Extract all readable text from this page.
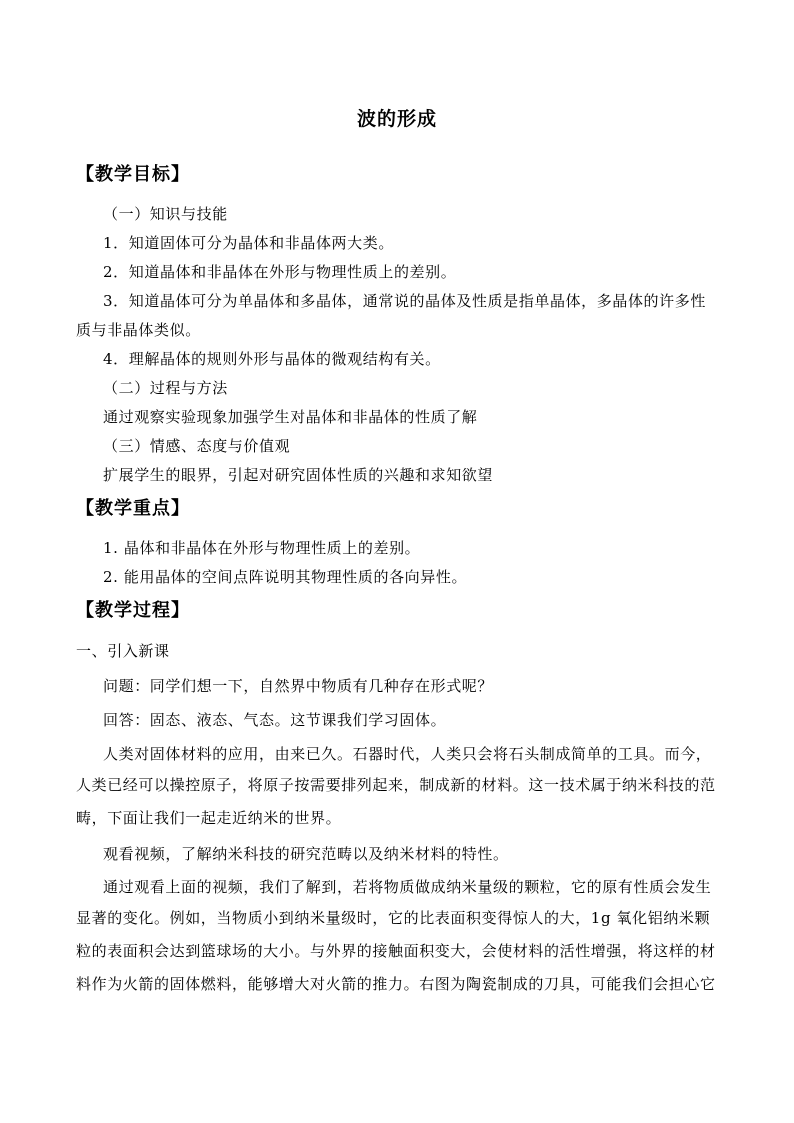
波的形成
【教学目标】
（一）知识与技能
1．知道固体可分为晶体和非晶体两大类。
2．知道晶体和非晶体在外形与物理性质上的差别。
3．知道晶体可分为单晶体和多晶体，通常说的晶体及性质是指单晶体，多晶体的许多性
质与非晶体类似。
4．理解晶体的规则外形与晶体的微观结构有关。
（二）过程与方法
通过观察实验现象加强学生对晶体和非晶体的性质了解
（三）情感、态度与价值观
扩展学生的眼界，引起对研究固体性质的兴趣和求知欲望
【教学重点】
1. 晶体和非晶体在外形与物理性质上的差别。
2. 能用晶体的空间点阵说明其物理性质的各向异性。
【教学过程】
一、引入新课
问题：同学们想一下，自然界中物质有几种存在形式呢？
回答：固态、液态、气态。这节课我们学习固体。
人类对固体材料的应用，由来已久。石器时代，人类只会将石头制成简单的工具。而今，
人类已经可以操控原子，将原子按需要排列起来，制成新的材料。这一技术属于纳米科技的范
畴，下面让我们一起走近纳米的世界。
观看视频，了解纳米科技的研究范畴以及纳米材料的特性。
通过观看上面的视频，我们了解到，若将物质做成纳米量级的颗粒，它的原有性质会发生
显著的变化。例如，当物质小到纳米量级时，它的比表面积变得惊人的大，1g 氧化铝纳米颗
粒的表面积会达到篮球场的大小。与外界的接触面积变大，会使材料的活性增强，将这样的材
料作为火箭的固体燃料，能够增大对火箭的推力。右图为陶瓷制成的刀具，可能我们会担心它
